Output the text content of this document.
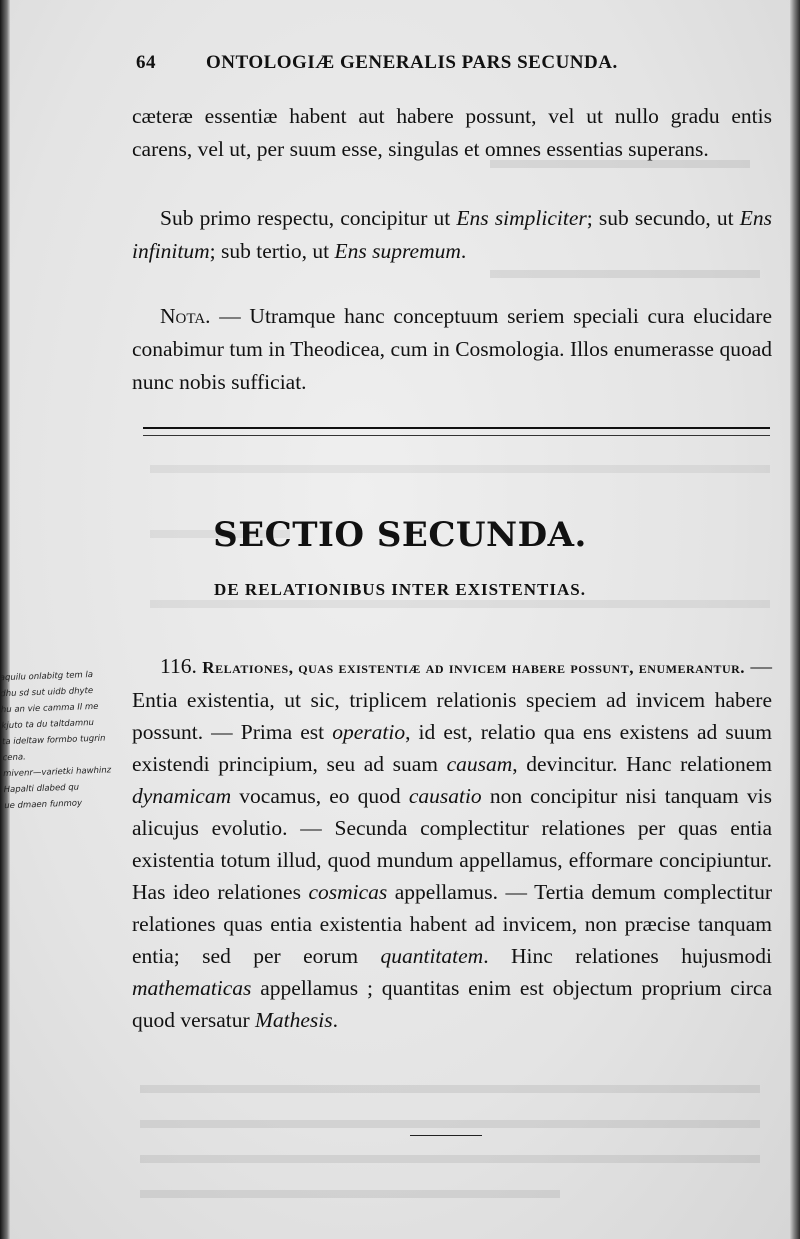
64	ONTOLOGIÆ GENERALIS PARS SECUNDA.

cæteræ essentiæ habent aut habere possunt, vel ut nullo gradu entis carens, vel ut, per suum esse, singulas et omnes essentias superans.

Sub primo respectu, concipitur ut Ens simpliciter; sub secundo, ut Ens infinitum; sub tertio, ut Ens supremum.

Nota. — Utramque hanc conceptuum seriem speciali cura elucidare conabimur tum in Theodicea, cum in Cosmologia. Illos enumerasse quoad nunc nobis sufficiat.

SECTIO SECUNDA.
DE RELATIONIBUS INTER EXISTENTIAS.

116. Relationes, quas existentiæ ad invicem habere possunt, enumerantur. — Entia existentia, ut sic, triplicem relationis speciem ad invicem habere possunt. — Prima est operatio, id est, relatio qua ens existens ad suum existendi principium, seu ad suam causam, devincitur. Hanc relationem dynamicam vocamus, eo quod causatio non concipitur nisi tanquam vis alicujus evolutio. — Secunda complectitur relationes per quas entia existentia totum illud, quod mundum appellamus, efformare concipiuntur. Has ideo relationes cosmicas appellamus. — Tertia demum complectitur relationes quas entia existentia habent ad invicem, non præcise tanquam entia; sed per eorum quantitatem. Hinc relationes hujusmodi mathematicas appellamus ; quantitas enim est objectum proprium circa quod versatur Mathesis.

aquilu onlabitg tem la
dhu sd sut uidb dhyte
hu an vie camma Il me
kjuto ta du taltdamnu
ta ideltaw formbo tugrin
cena.
mivenr—varietki hawhinz
Hapalti dlabed qu
ue dmaen funmoy
